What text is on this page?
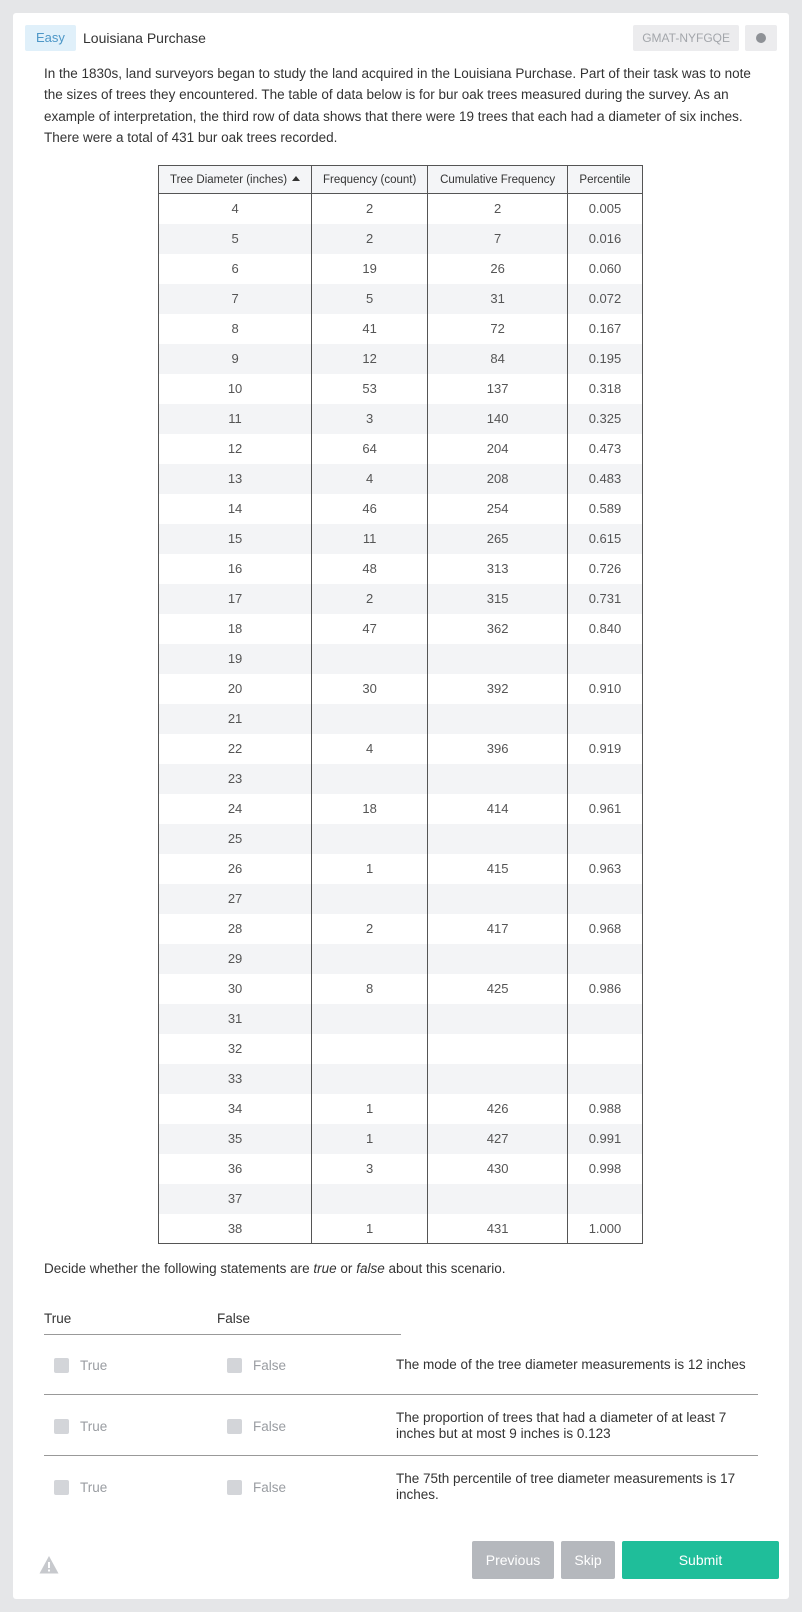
Easy	Louisiana Purchase	GMAT-NYFGQE

In the 1830s, land surveyors began to study the land acquired in the Louisiana Purchase. Part of their task was to note the sizes of trees they encountered. The table of data below is for bur oak trees measured during the survey. As an example of interpretation, the third row of data shows that there were 19 trees that each had a diameter of six inches. There were a total of 431 bur oak trees recorded.

Tree Diameter (inches)	Frequency (count)	Cumulative Frequency	Percentile
4	2	2	0.005
5	2	7	0.016
6	19	26	0.060
7	5	31	0.072
8	41	72	0.167
9	12	84	0.195
10	53	137	0.318
11	3	140	0.325
12	64	204	0.473
13	4	208	0.483
14	46	254	0.589
15	11	265	0.615
16	48	313	0.726
17	2	315	0.731
18	47	362	0.840
19			
20	30	392	0.910
21			
22	4	396	0.919
23			
24	18	414	0.961
25			
26	1	415	0.963
27			
28	2	417	0.968
29			
30	8	425	0.986
31			
32			
33			
34	1	426	0.988
35	1	427	0.991
36	3	430	0.998
37			
38	1	431	1.000
Decide whether the following statements are true or false about this scenario.
True	False
True	False	The mode of the tree diameter measurements is 12 inches
True	False
The proportion of trees that had a diameter of at least 7 inches but at most 9 inches is 0.123
True	False
The 75th percentile of tree diameter measurements is 17 inches.
Previous	Skip	Submit
